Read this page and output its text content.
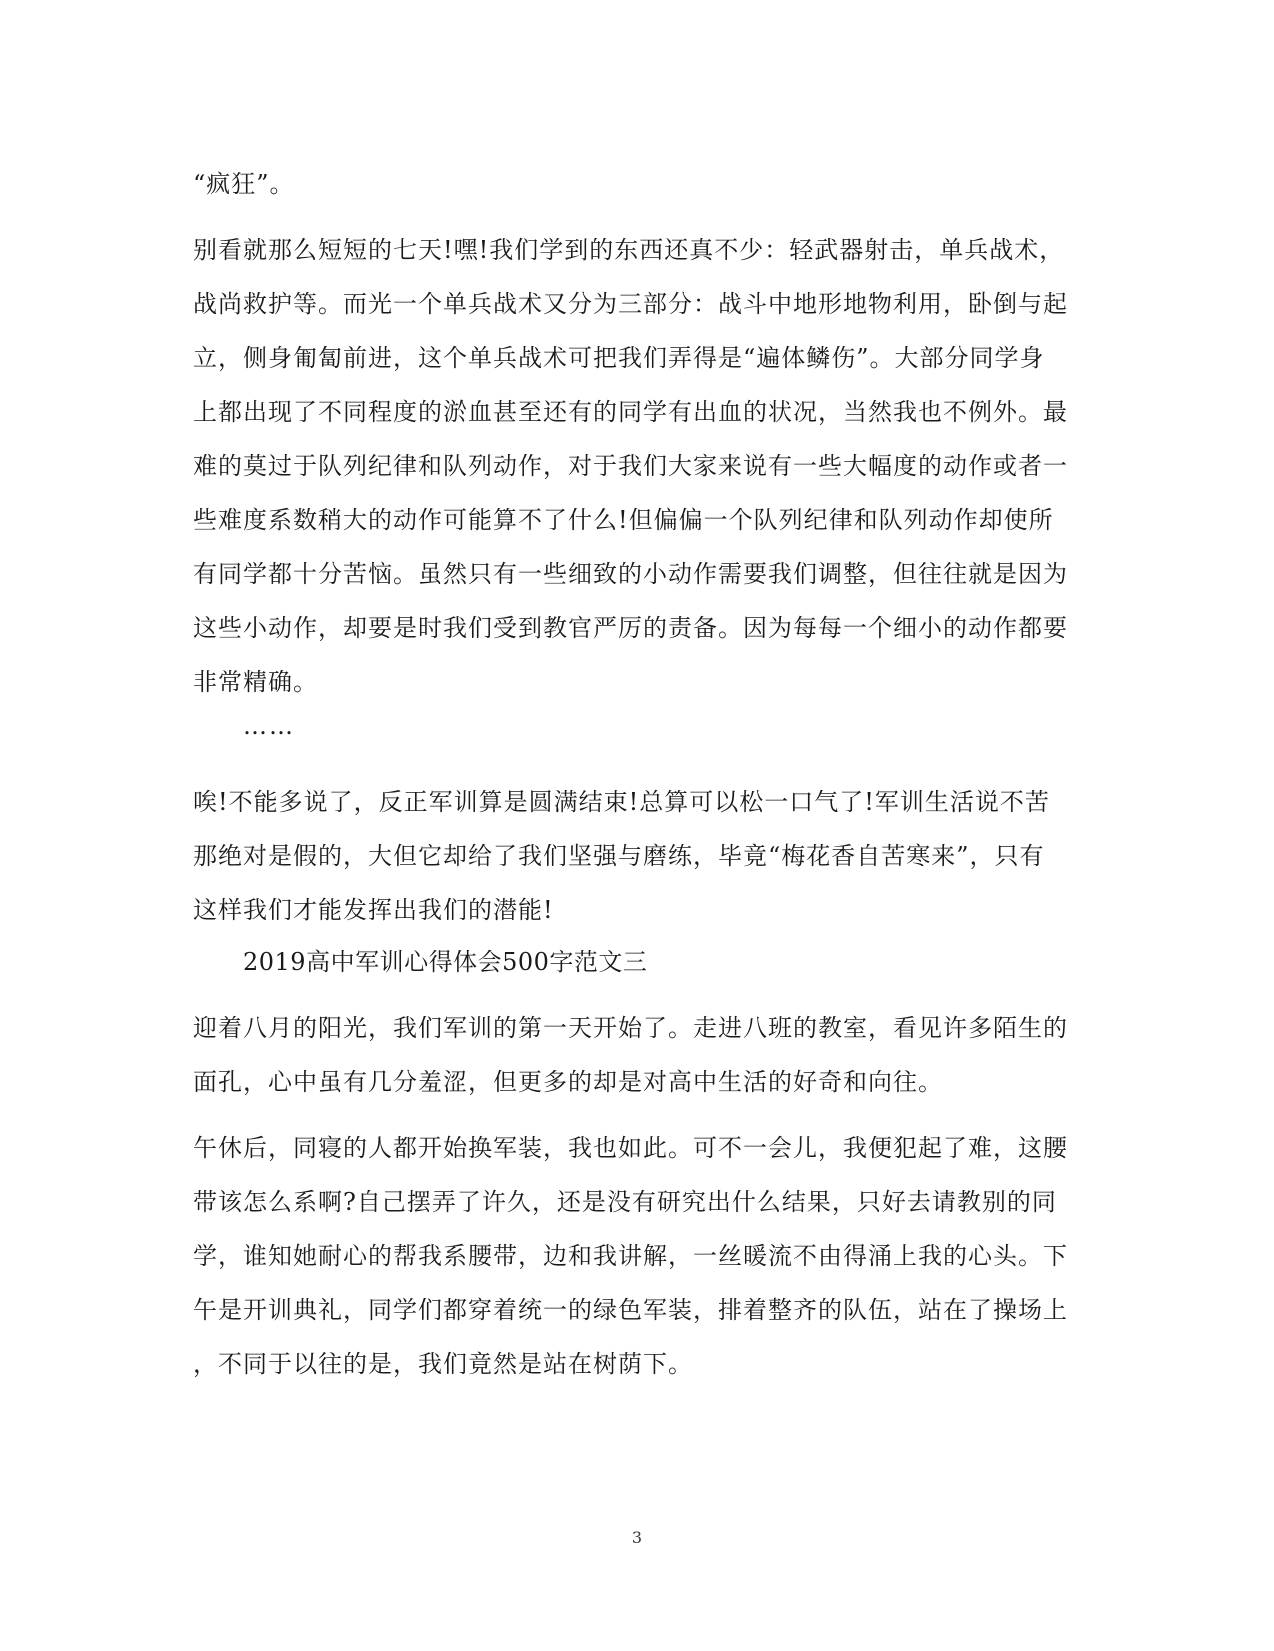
“疯狂”。
别看就那么短短的七天!嘿!我们学到的东西还真不少：轻武器射击，单兵战术，
战尚救护等。而光一个单兵战术又分为三部分：战斗中地形地物利用，卧倒与起
立，侧身匍匐前进，这个单兵战术可把我们弄得是“遍体鳞伤”。大部分同学身
上都出现了不同程度的淤血甚至还有的同学有出血的状况，当然我也不例外。最
难的莫过于队列纪律和队列动作，对于我们大家来说有一些大幅度的动作或者一
些难度系数稍大的动作可能算不了什么!但偏偏一个队列纪律和队列动作却使所
有同学都十分苦恼。虽然只有一些细致的小动作需要我们调整，但往往就是因为
这些小动作，却要是时我们受到教官严厉的责备。因为每每一个细小的动作都要
非常精确。
……
唉!不能多说了，反正军训算是圆满结束!总算可以松一口气了!军训生活说不苦
那绝对是假的，大但它却给了我们坚强与磨练，毕竟“梅花香自苦寒来”，只有
这样我们才能发挥出我们的潜能!
2019高中军训心得体会500字范文三
迎着八月的阳光，我们军训的第一天开始了。走进八班的教室，看见许多陌生的
面孔，心中虽有几分羞涩，但更多的却是对高中生活的好奇和向往。
午休后，同寝的人都开始换军装，我也如此。可不一会儿，我便犯起了难，这腰
带该怎么系啊?自己摆弄了许久，还是没有研究出什么结果，只好去请教别的同
学，谁知她耐心的帮我系腰带，边和我讲解，一丝暖流不由得涌上我的心头。下
午是开训典礼，同学们都穿着统一的绿色军装，排着整齐的队伍，站在了操场上
，不同于以往的是，我们竟然是站在树荫下。
3
